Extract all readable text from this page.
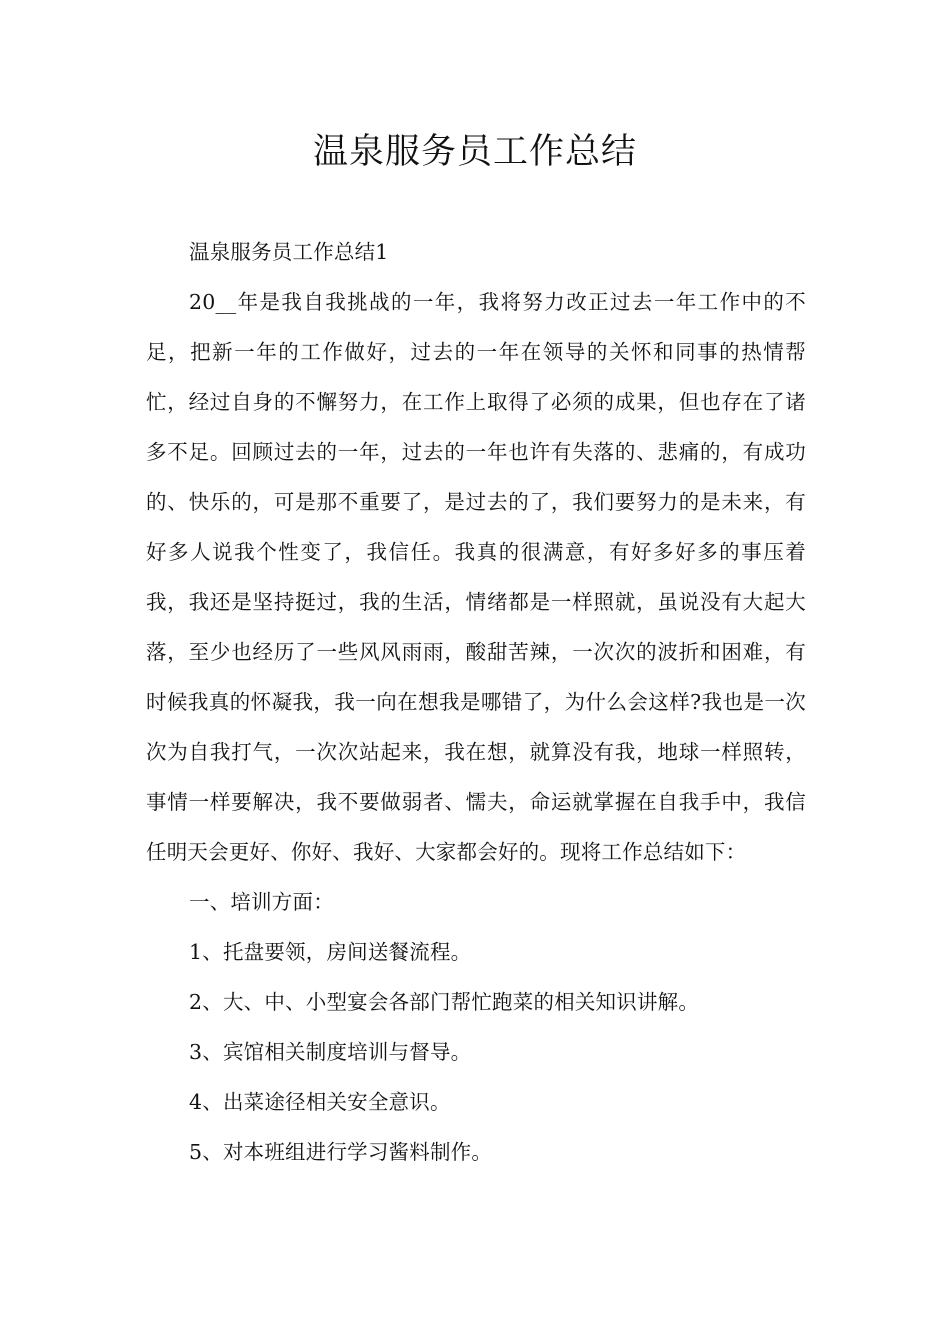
温泉服务员工作总结

温泉服务员工作总结1

20__年是我自我挑战的一年，我将努力改正过去一年工作中的不足，把新一年的工作做好，过去的一年在领导的关怀和同事的热情帮忙，经过自身的不懈努力，在工作上取得了必须的成果，但也存在了诸多不足。回顾过去的一年，过去的一年也许有失落的、悲痛的，有成功的、快乐的，可是那不重要了，是过去的了，我们要努力的是未来，有好多人说我个性变了，我信任。我真的很满意，有好多好多的事压着我，我还是坚持挺过，我的生活，情绪都是一样照就，虽说没有大起大落，至少也经历了一些风风雨雨，酸甜苦辣，一次次的波折和困难，有时候我真的怀凝我，我一向在想我是哪错了，为什么会这样?我也是一次次为自我打气，一次次站起来，我在想，就算没有我，地球一样照转，事情一样要解决，我不要做弱者、懦夫，命运就掌握在自我手中，我信任明天会更好、你好、我好、大家都会好的。现将工作总结如下：

一、培训方面：

1、托盘要领，房间送餐流程。

2、大、中、小型宴会各部门帮忙跑菜的相关知识讲解。

3、宾馆相关制度培训与督导。

4、出菜途径相关安全意识。

5、对本班组进行学习酱料制作。
